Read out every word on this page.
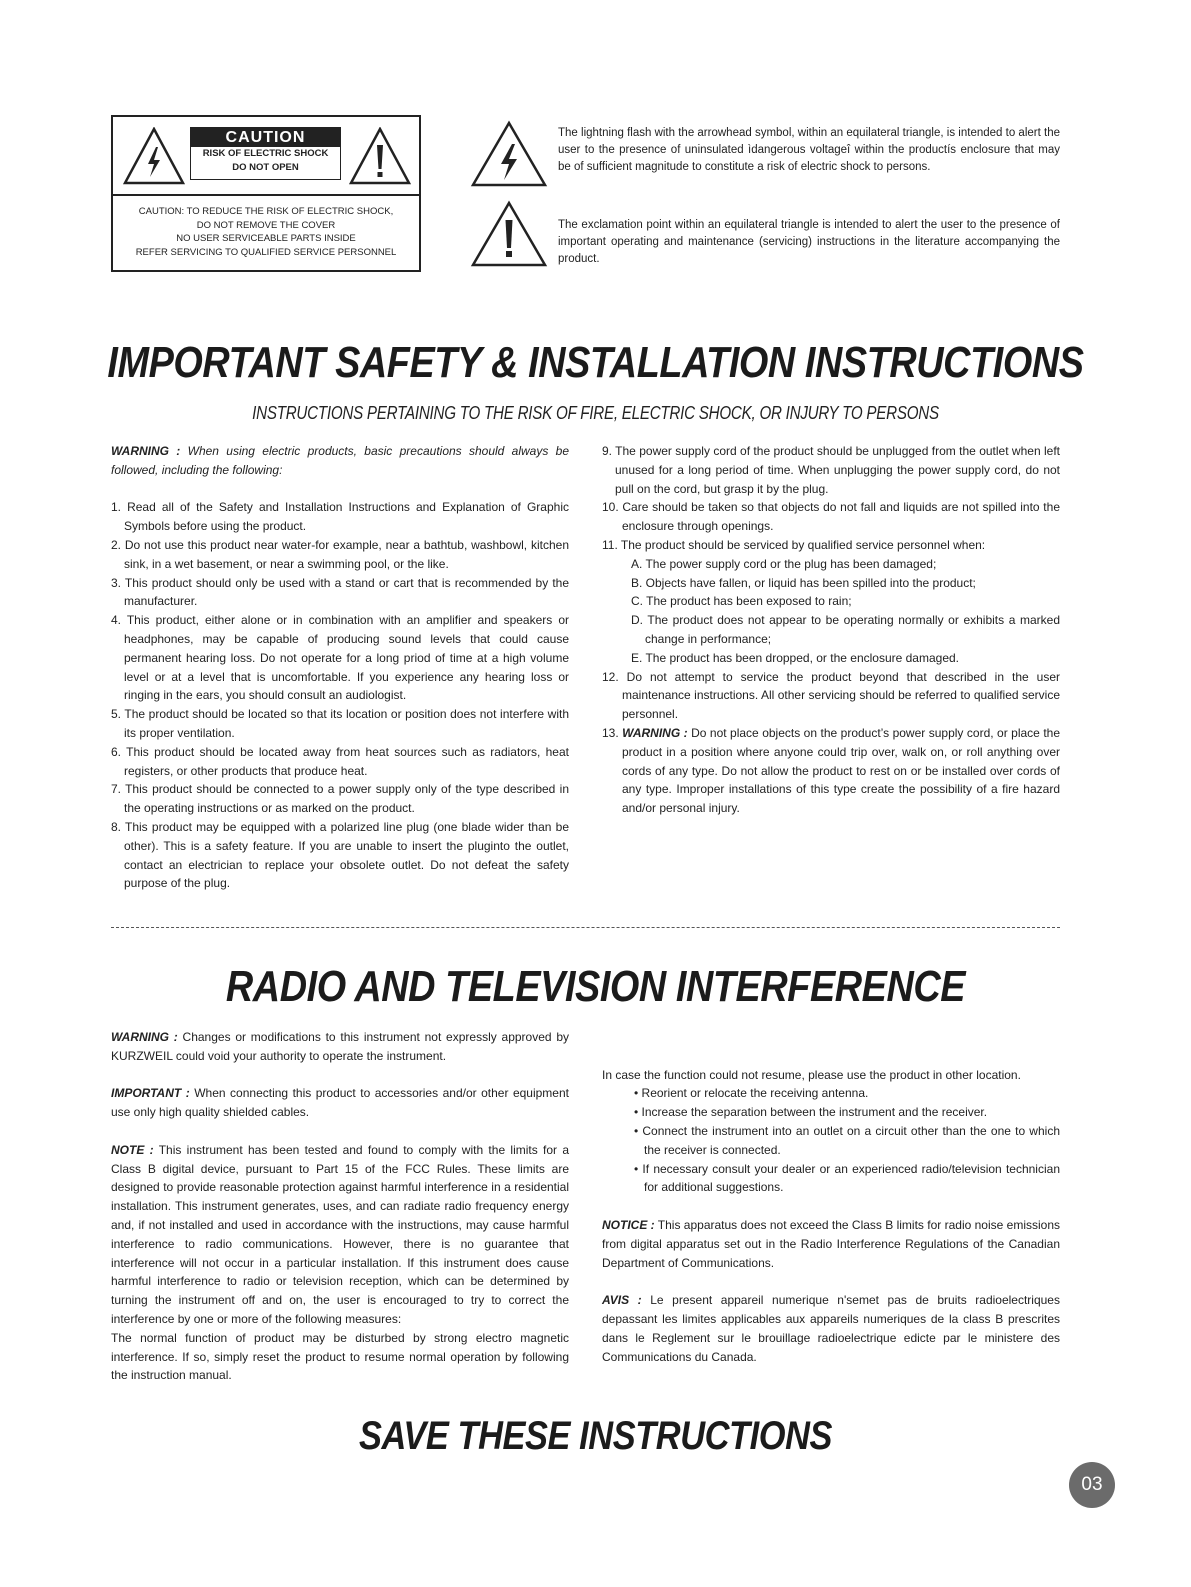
CAUTION
RISK OF ELECTRIC SHOCK
DO NOT OPEN
CAUTION: TO REDUCE THE RISK OF ELECTRIC SHOCK,
DO NOT REMOVE THE COVER
NO USER SERVICEABLE PARTS INSIDE
REFER SERVICING TO QUALIFIED SERVICE PERSONNEL
The lightning flash with the arrowhead symbol, within an equilateral triangle, is intended to alert the user to the presence of uninsulated ìdangerous voltageî within the productís enclosure that may be of sufficient magnitude to constitute a risk of electric shock to persons.
The exclamation point within an equilateral triangle is intended to alert the user to the presence of important operating and maintenance (servicing) instructions in the literature accompanying the product.
IMPORTANT SAFETY & INSTALLATION INSTRUCTIONS
INSTRUCTIONS PERTAINING TO THE RISK OF FIRE, ELECTRIC SHOCK, OR INJURY TO PERSONS

WARNING : When using electric products, basic precautions should always be followed, including the following:

1. Read all of the Safety and Installation Instructions and Explanation of Graphic Symbols before using the product.

2. Do not use this product near water-for example, near a bathtub, washbowl, kitchen sink, in a wet basement, or near a swimming pool, or the like.

3. This product should only be used with a stand or cart that is recommended by the manufacturer.

4. This product, either alone or in combination with an amplifier and speakers or headphones, may be capable of producing sound levels that could cause permanent hearing loss. Do not operate for a long priod of time at a high volume level or at a level that is uncomfortable. If you experience any hearing loss or ringing in the ears, you should consult an audiologist.

5. The product should be located so that its location or position does not interfere with its proper ventilation.

6. This product should be located away from heat sources such as radiators, heat registers, or other products that produce heat.

7. This product should be connected to a power supply only of the type described in the operating instructions or as marked on the product.

8. This product may be equipped with a polarized line plug (one blade wider than be other). This is a safety feature. If you are unable to insert the pluginto the outlet, contact an electrician to replace your obsolete outlet. Do not defeat the safety purpose of the plug.

9. The power supply cord of the product should be unplugged from the outlet when left unused for a long period of time. When unplugging the power supply cord, do not pull on the cord, but grasp it by the plug.

10. Care should be taken so that objects do not fall and liquids are not spilled into the enclosure through openings.

11. The product should be serviced by qualified service personnel when:

A. The power supply cord or the plug has been damaged;

B. Objects have fallen, or liquid has been spilled into the product;

C. The product has been exposed to rain;

D. The product does not appear to be operating normally or exhibits a marked change in performance;

E. The product has been dropped, or the enclosure damaged.

12. Do not attempt to service the product beyond that described in the user maintenance instructions. All other servicing should be referred to qualified service personnel.

13. WARNING : Do not place objects on the product’s power supply cord, or place the product in a position where anyone could trip over, walk on, or roll anything over cords of any type. Do not allow the product to rest on or be installed over cords of any type. Improper installations of this type create the possibility of a fire hazard and/or personal injury.

RADIO AND TELEVISION INTERFERENCE

WARNING : Changes or modifications to this instrument not expressly approved by KURZWEIL could void your authority to operate the instrument.

IMPORTANT : When connecting this product to accessories and/or other equipment use only high quality shielded cables.

NOTE : This instrument has been tested and found to comply with the limits for a Class B digital device, pursuant to Part 15 of the FCC Rules. These limits are designed to provide reasonable protection against harmful interference in a residential installation. This instrument generates, uses, and can radiate radio frequency energy and, if not installed and used in accordance with the instructions, may cause harmful interference to radio communications. However, there is no guarantee that interference will not occur in a particular installation. If this instrument does cause harmful interference to radio or television reception, which can be determined by turning the instrument off and on, the user is encouraged to try to correct the interference by one or more of the following measures:

The normal function of product may be disturbed by strong electro magnetic interference. If so, simply reset the product to resume normal operation by following the instruction manual.

In case the function could not resume, please use the product in other location.

• Reorient or relocate the receiving antenna.

• Increase the separation between the instrument and the receiver.

• Connect the instrument into an outlet on a circuit other than the one to which the receiver is connected.

• If necessary consult your dealer or an experienced radio/television technician for additional suggestions.

NOTICE : This apparatus does not exceed the Class B limits for radio noise emissions from digital apparatus set out in the Radio Interference Regulations of the Canadian Department of Communications.

AVIS : Le present appareil numerique n'semet pas de bruits radioelectriques depassant les limites applicables aux appareils numeriques de la class B prescrites dans le Reglement sur le brouillage radioelectrique edicte par le ministere des Communications du Canada.

SAVE THESE INSTRUCTIONS
03
